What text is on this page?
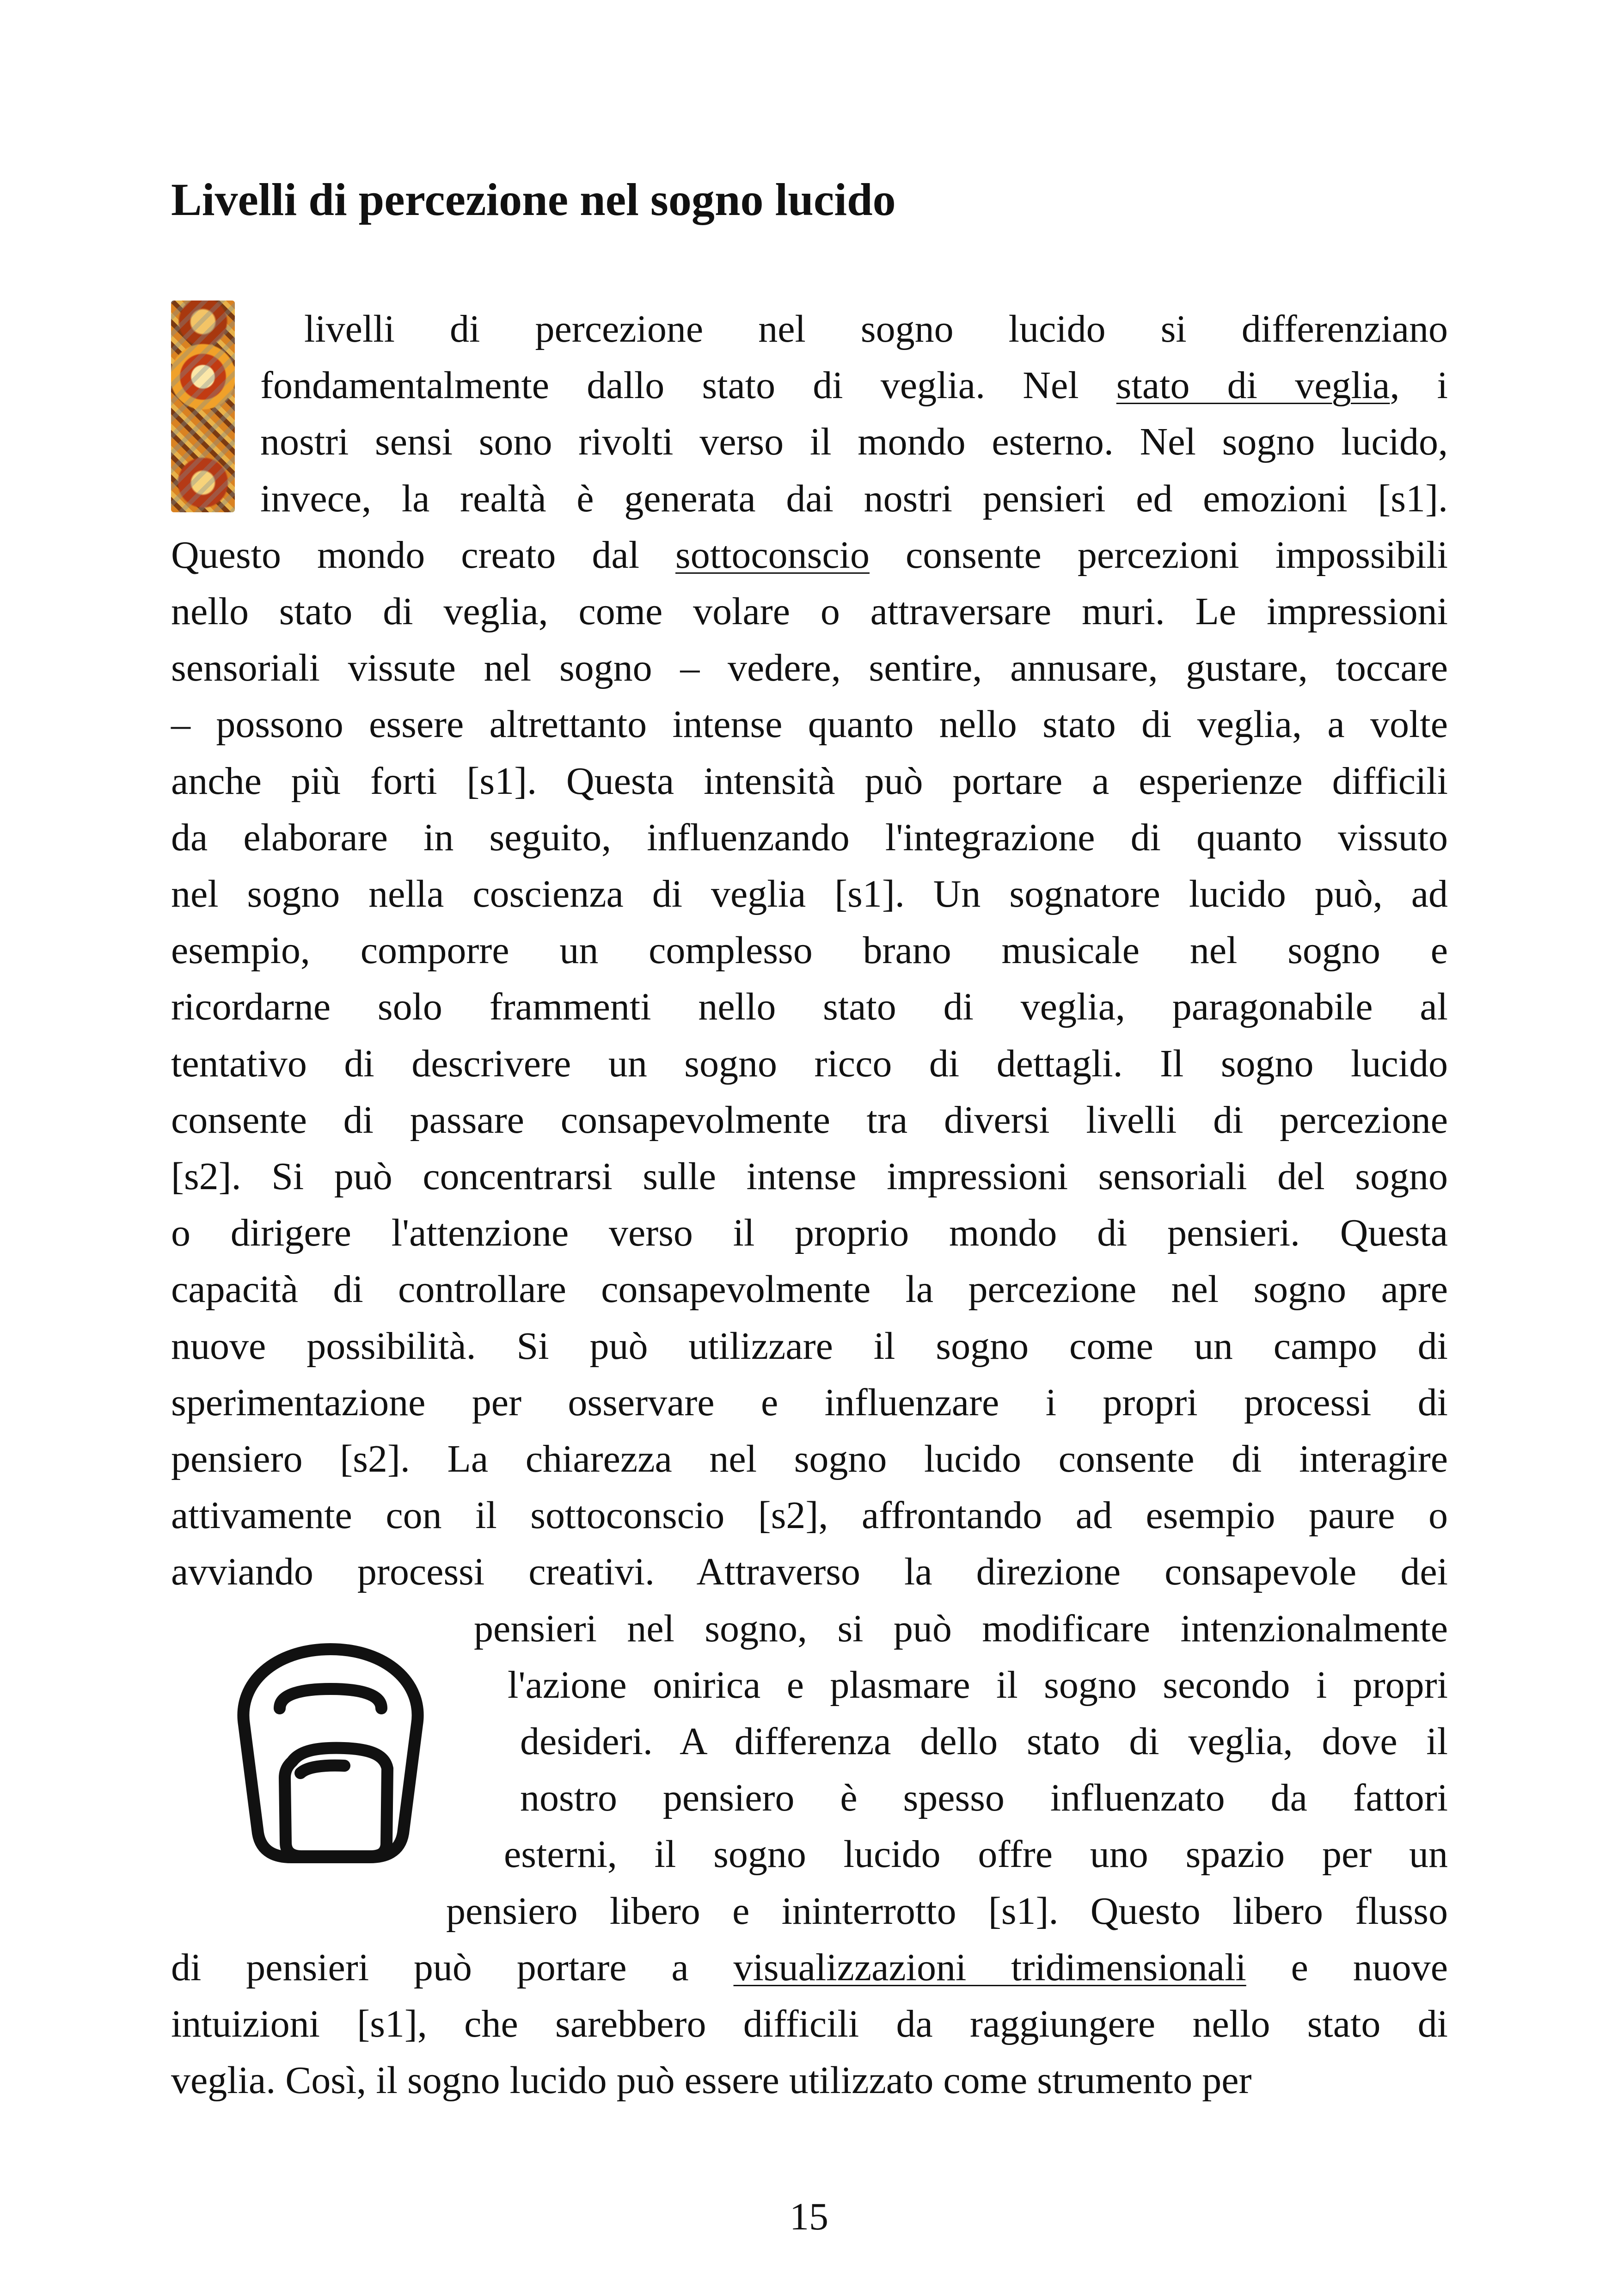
Livelli di percezione nel sogno lucido
livelli di percezione nel sogno lucido si differenziano
fondamentalmente dallo stato di veglia. Nel stato di veglia, i
nostri sensi sono rivolti verso il mondo esterno. Nel sogno lucido,
invece, la realtà è generata dai nostri pensieri ed emozioni [s1].
Questo mondo creato dal sottoconscio consente percezioni impossibili
nello stato di veglia, come volare o attraversare muri. Le impressioni
sensoriali vissute nel sogno – vedere, sentire, annusare, gustare, toccare
– possono essere altrettanto intense quanto nello stato di veglia, a volte
anche più forti [s1]. Questa intensità può portare a esperienze difficili
da elaborare in seguito, influenzando l'integrazione di quanto vissuto
nel sogno nella coscienza di veglia [s1]. Un sognatore lucido può, ad
esempio, comporre un complesso brano musicale nel sogno e
ricordarne solo frammenti nello stato di veglia, paragonabile al
tentativo di descrivere un sogno ricco di dettagli. Il sogno lucido
consente di passare consapevolmente tra diversi livelli di percezione
[s2]. Si può concentrarsi sulle intense impressioni sensoriali del sogno
o dirigere l'attenzione verso il proprio mondo di pensieri. Questa
capacità di controllare consapevolmente la percezione nel sogno apre
nuove possibilità. Si può utilizzare il sogno come un campo di
sperimentazione per osservare e influenzare i propri processi di
pensiero [s2]. La chiarezza nel sogno lucido consente di interagire
attivamente con il sottoconscio [s2], affrontando ad esempio paure o
avviando processi creativi. Attraverso la direzione consapevole dei
pensieri nel sogno, si può modificare intenzionalmente
l'azione onirica e plasmare il sogno secondo i propri
desideri. A differenza dello stato di veglia, dove il
nostro pensiero è spesso influenzato da fattori
esterni, il sogno lucido offre uno spazio per un
pensiero libero e ininterrotto [s1]. Questo libero flusso
di pensieri può portare a visualizzazioni tridimensionali e nuove
intuizioni [s1], che sarebbero difficili da raggiungere nello stato di
veglia. Così, il sogno lucido può essere utilizzato come strumento per
15
